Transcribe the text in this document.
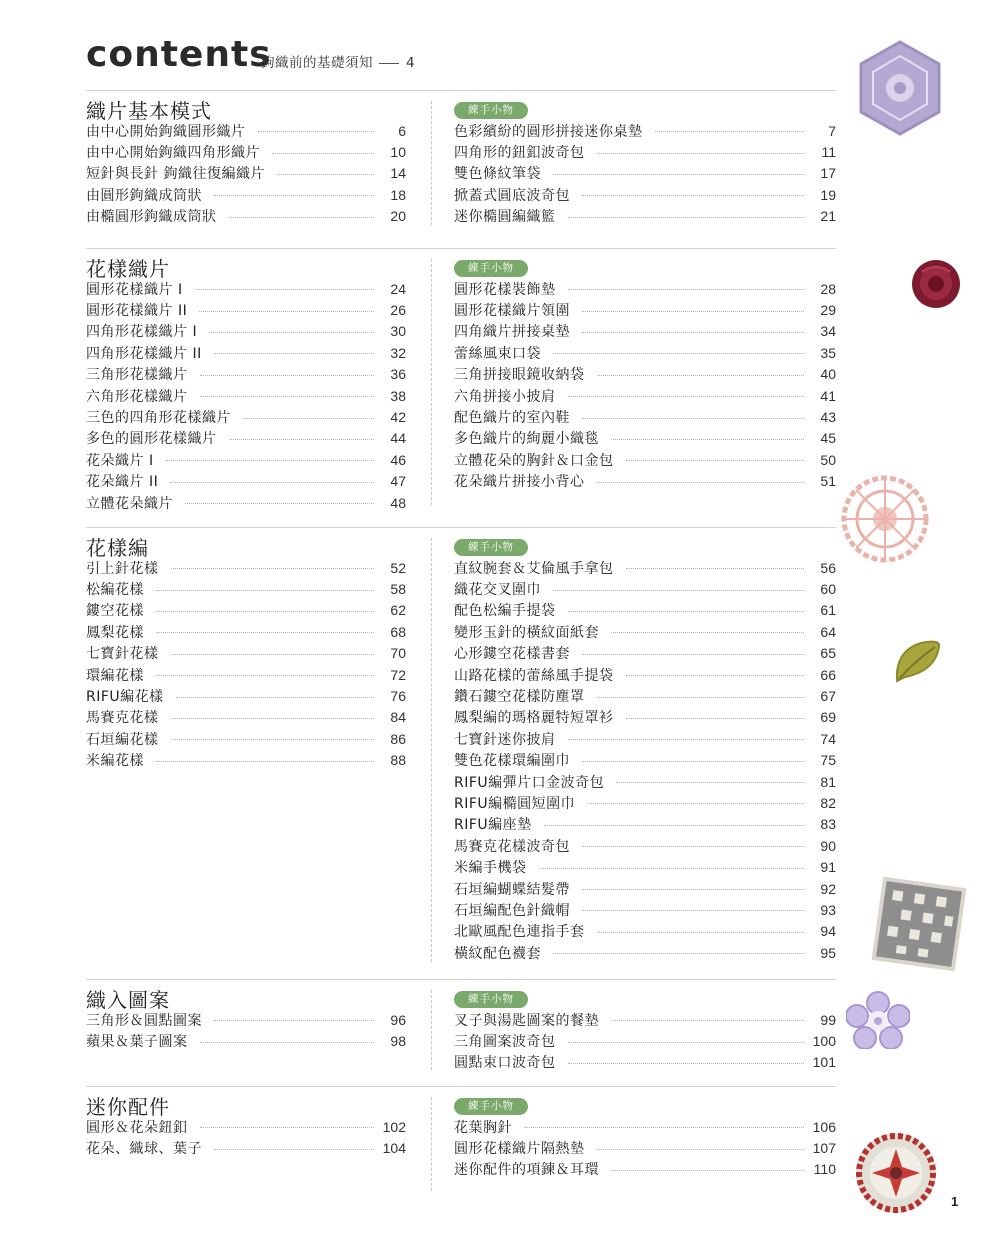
contents
鉤織前的基礎須知 4
織片基本模式	練手小物
由中心開始鉤織圓形織片	6
由中心開始鉤織四角形織片	10
短針與長針 鉤織往復編織片	14
由圓形鉤織成筒狀	18
由橢圓形鉤織成筒狀	20
色彩繽紛的圓形拼接迷你桌墊	7
四角形的鈕釦波奇包	11
雙色條紋筆袋	17
掀蓋式圓底波奇包	19
迷你橢圓編織籃	21
花樣織片	練手小物
圓形花樣織片 I	24
圓形花樣織片 II	26
四角形花樣織片 I	30
四角形花樣織片 II	32
三角形花樣織片	36
六角形花樣織片	38
三色的四角形花樣織片	42
多色的圓形花樣織片	44
花朵織片 I	46
花朵織片 II	47
立體花朵織片	48
圓形花樣裝飾墊	28
圓形花樣織片領圍	29
四角織片拼接桌墊	34
蕾絲風束口袋	35
三角拼接眼鏡收納袋	40
六角拼接小披肩	41
配色織片的室內鞋	43
多色織片的絢麗小織毯	45
立體花朵的胸針＆口金包	50
花朵織片拼接小背心	51
花樣編	練手小物
引上針花樣	52
松編花樣	58
鏤空花樣	62
鳳梨花樣	68
七寶針花樣	70
環編花樣	72
RIFU編花樣	76
馬賽克花樣	84
石垣編花樣	86
米編花樣	88
直紋腕套＆艾倫風手拿包	56
織花交叉圍巾	60
配色松編手提袋	61
變形玉針的橫紋面紙套	64
心形鏤空花樣書套	65
山路花樣的蕾絲風手提袋	66
鑽石鏤空花樣防塵罩	67
鳳梨編的瑪格麗特短罩衫	69
七寶針迷你披肩	74
雙色花樣環編圍巾	75
RIFU編彈片口金波奇包	81
RIFU編橢圓短圍巾	82
RIFU編座墊	83
馬賽克花樣波奇包	90
米編手機袋	91
石垣編蝴蝶結髮帶	92
石垣編配色針織帽	93
北歐風配色連指手套	94
橫紋配色襪套	95
織入圖案	練手小物
三角形＆圓點圖案	96
蘋果＆葉子圖案	98
叉子與湯匙圖案的餐墊	99
三角圖案波奇包	100
圓點束口波奇包	101
迷你配件	練手小物
圓形＆花朵鈕釦	102
花朵、織球、葉子	104
花葉胸針	106
圓形花樣織片隔熱墊	107
迷你配件的項鍊＆耳環	110
1
